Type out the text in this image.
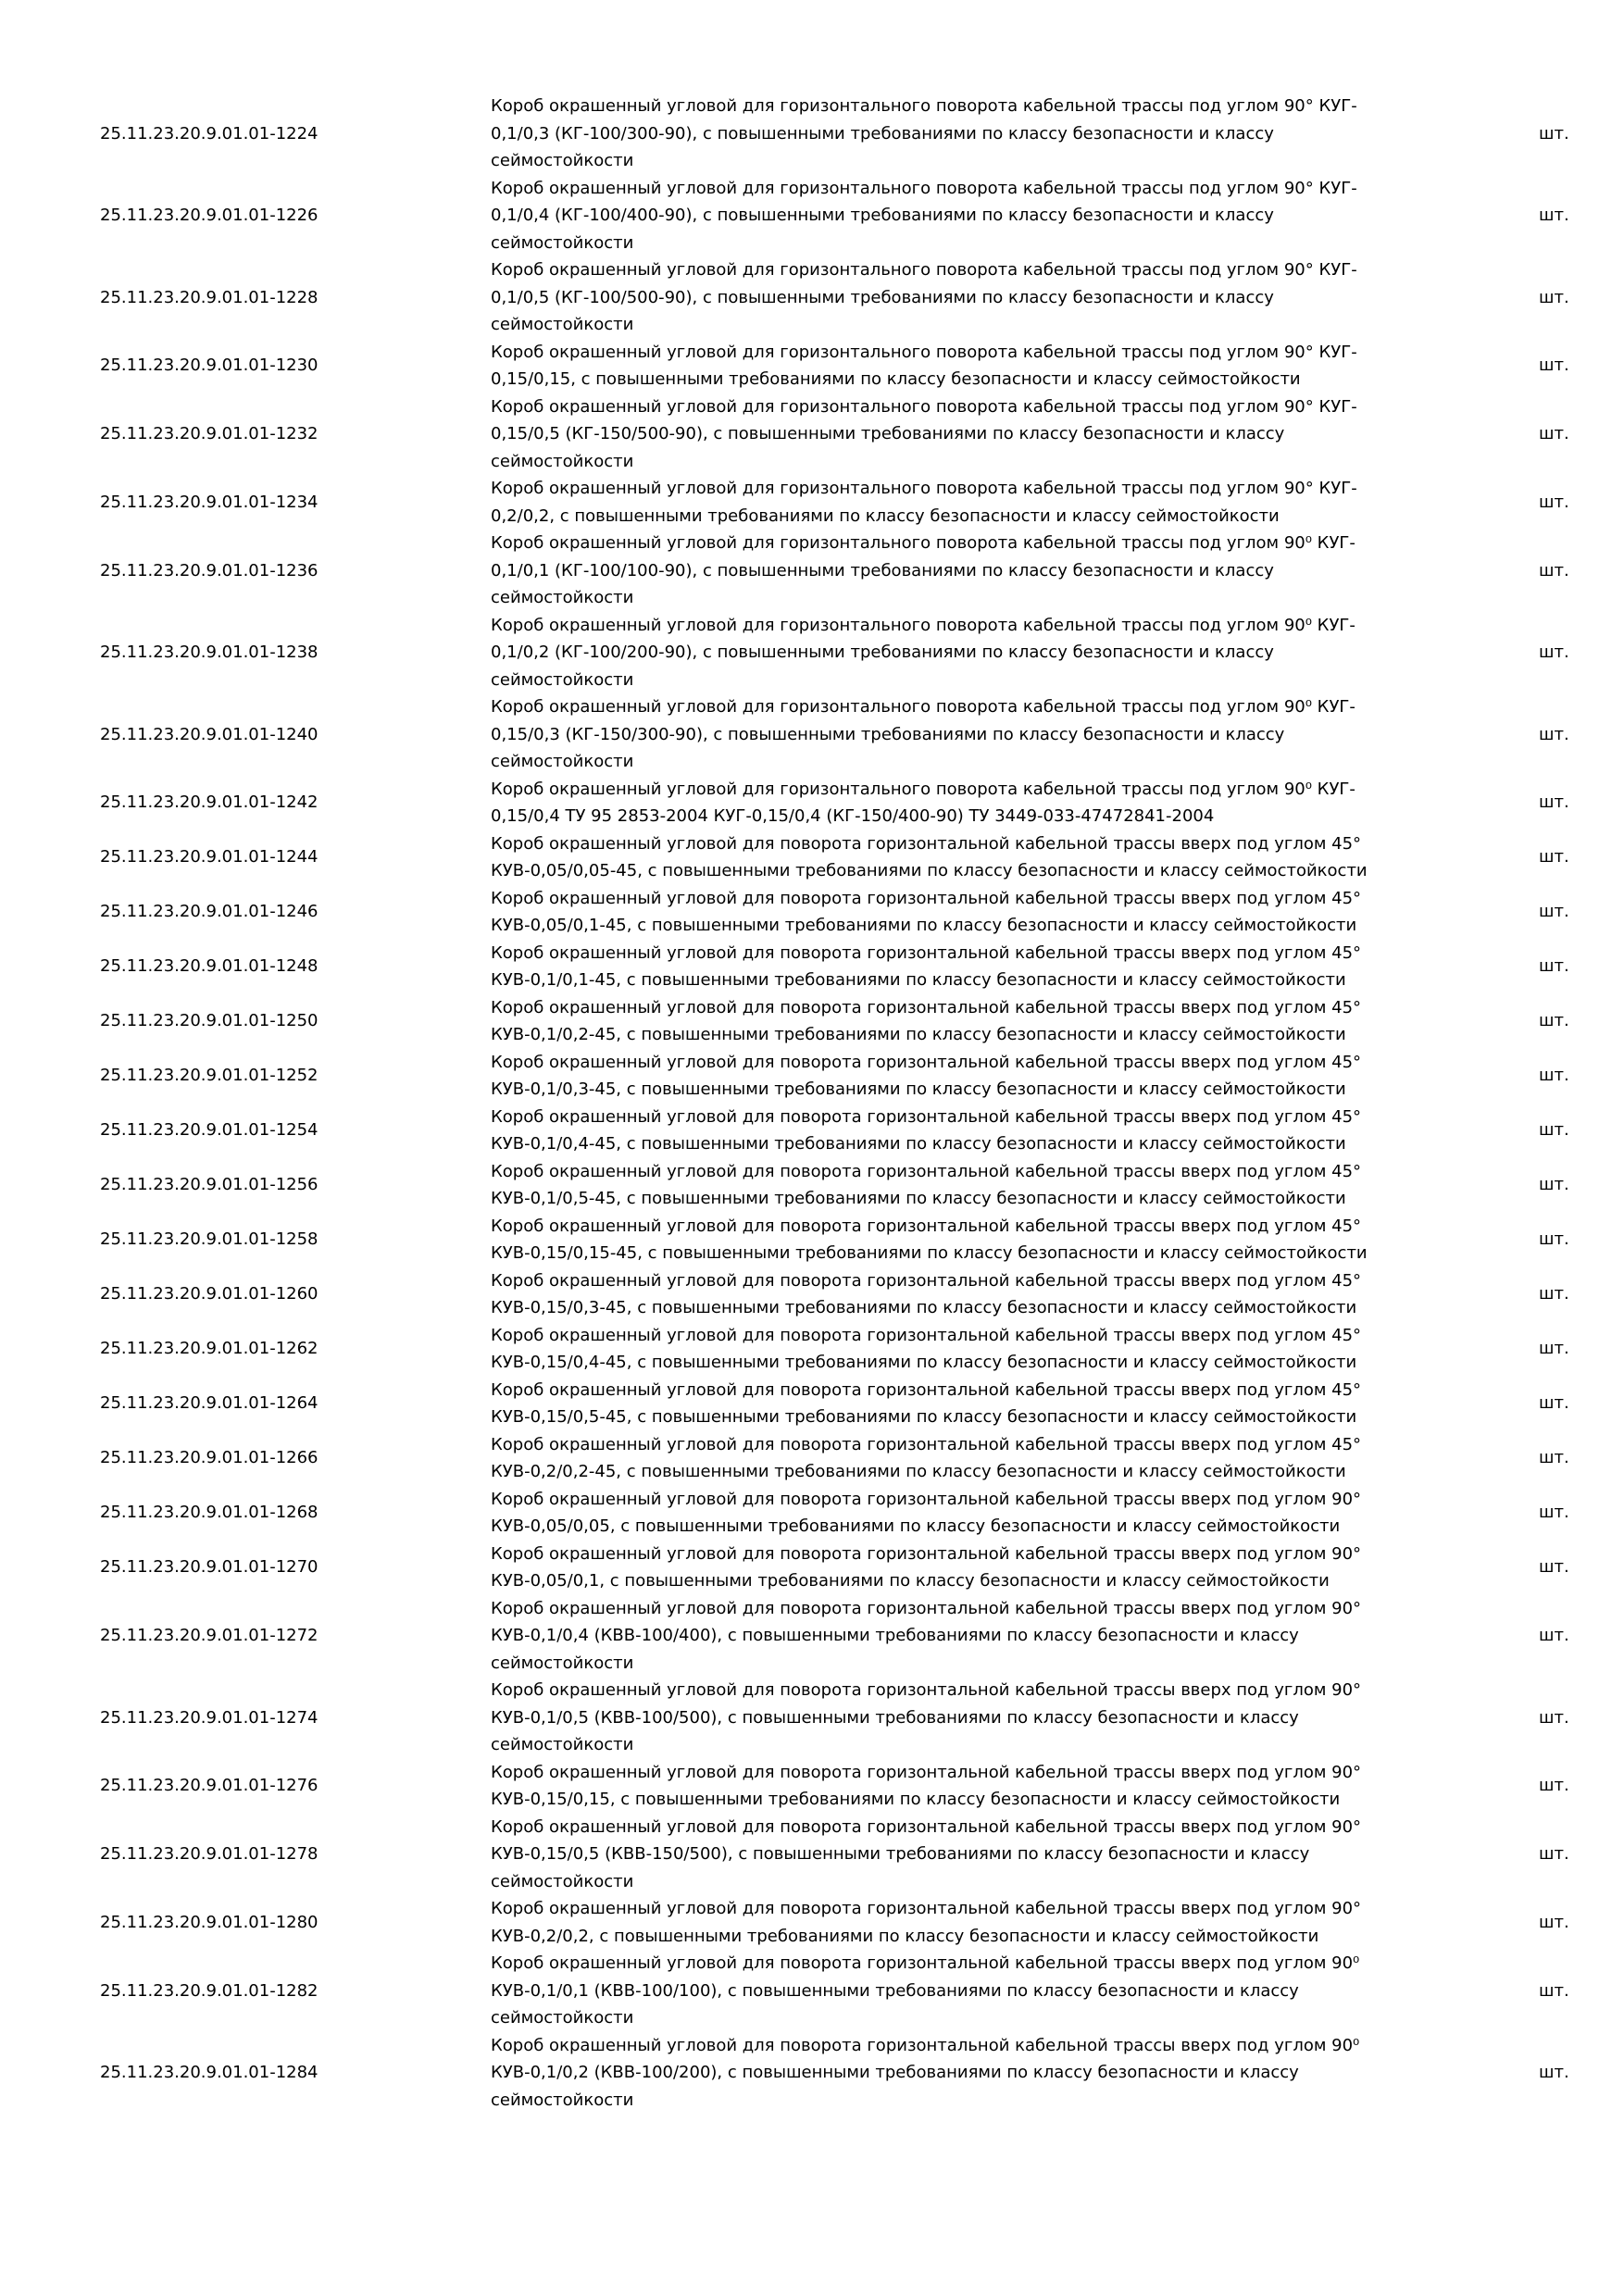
25.11.23.20.9.01.01-1224
Короб окрашенный угловой для горизонтального поворота кабельной трассы под углом 90° КУГ-
0,1/0,3 (КГ-100/300-90), с повышенными требованиями по классу безопасности и классу
сеймостойкости
шт.
25.11.23.20.9.01.01-1226
Короб окрашенный угловой для горизонтального поворота кабельной трассы под углом 90° КУГ-
0,1/0,4 (КГ-100/400-90), с повышенными требованиями по классу безопасности и классу
сеймостойкости
шт.
25.11.23.20.9.01.01-1228
Короб окрашенный угловой для горизонтального поворота кабельной трассы под углом 90° КУГ-
0,1/0,5 (КГ-100/500-90), с повышенными требованиями по классу безопасности и классу
сеймостойкости
шт.
25.11.23.20.9.01.01-1230
Короб окрашенный угловой для горизонтального поворота кабельной трассы под углом 90° КУГ-
0,15/0,15, с повышенными требованиями по классу безопасности и классу сеймостойкости
шт.
25.11.23.20.9.01.01-1232
Короб окрашенный угловой для горизонтального поворота кабельной трассы под углом 90° КУГ-
0,15/0,5 (КГ-150/500-90), с повышенными требованиями по классу безопасности и классу
сеймостойкости
шт.
25.11.23.20.9.01.01-1234
Короб окрашенный угловой для горизонтального поворота кабельной трассы под углом 90° КУГ-
0,2/0,2, с повышенными требованиями по классу безопасности и классу сеймостойкости
шт.
25.11.23.20.9.01.01-1236
Короб окрашенный угловой для горизонтального поворота кабельной трассы под углом 90⁰ КУГ-
0,1/0,1 (КГ-100/100-90), с повышенными требованиями по классу безопасности и классу
сеймостойкости
шт.
25.11.23.20.9.01.01-1238
Короб окрашенный угловой для горизонтального поворота кабельной трассы под углом 90⁰ КУГ-
0,1/0,2 (КГ-100/200-90), с повышенными требованиями по классу безопасности и классу
сеймостойкости
шт.
25.11.23.20.9.01.01-1240
Короб окрашенный угловой для горизонтального поворота кабельной трассы под углом 90⁰ КУГ-
0,15/0,3 (КГ-150/300-90), с повышенными требованиями по классу безопасности и классу
сеймостойкости
шт.
25.11.23.20.9.01.01-1242
Короб окрашенный угловой для горизонтального поворота кабельной трассы под углом 90⁰ КУГ-
0,15/0,4 ТУ 95 2853-2004 КУГ-0,15/0,4 (КГ-150/400-90) ТУ 3449-033-47472841-2004
шт.
25.11.23.20.9.01.01-1244
Короб окрашенный угловой для поворота горизонтальной кабельной трассы вверх под углом 45°
КУВ-0,05/0,05-45, с повышенными требованиями по классу безопасности и классу сеймостойкости
шт.
25.11.23.20.9.01.01-1246
Короб окрашенный угловой для поворота горизонтальной кабельной трассы вверх под углом 45°
КУВ-0,05/0,1-45, с повышенными требованиями по классу безопасности и классу сеймостойкости
шт.
25.11.23.20.9.01.01-1248
Короб окрашенный угловой для поворота горизонтальной кабельной трассы вверх под углом 45°
КУВ-0,1/0,1-45, с повышенными требованиями по классу безопасности и классу сеймостойкости
шт.
25.11.23.20.9.01.01-1250
Короб окрашенный угловой для поворота горизонтальной кабельной трассы вверх под углом 45°
КУВ-0,1/0,2-45, с повышенными требованиями по классу безопасности и классу сеймостойкости
шт.
25.11.23.20.9.01.01-1252
Короб окрашенный угловой для поворота горизонтальной кабельной трассы вверх под углом 45°
КУВ-0,1/0,3-45, с повышенными требованиями по классу безопасности и классу сеймостойкости
шт.
25.11.23.20.9.01.01-1254
Короб окрашенный угловой для поворота горизонтальной кабельной трассы вверх под углом 45°
КУВ-0,1/0,4-45, с повышенными требованиями по классу безопасности и классу сеймостойкости
шт.
25.11.23.20.9.01.01-1256
Короб окрашенный угловой для поворота горизонтальной кабельной трассы вверх под углом 45°
КУВ-0,1/0,5-45, с повышенными требованиями по классу безопасности и классу сеймостойкости
шт.
25.11.23.20.9.01.01-1258
Короб окрашенный угловой для поворота горизонтальной кабельной трассы вверх под углом 45°
КУВ-0,15/0,15-45, с повышенными требованиями по классу безопасности и классу сеймостойкости
шт.
25.11.23.20.9.01.01-1260
Короб окрашенный угловой для поворота горизонтальной кабельной трассы вверх под углом 45°
КУВ-0,15/0,3-45, с повышенными требованиями по классу безопасности и классу сеймостойкости
шт.
25.11.23.20.9.01.01-1262
Короб окрашенный угловой для поворота горизонтальной кабельной трассы вверх под углом 45°
КУВ-0,15/0,4-45, с повышенными требованиями по классу безопасности и классу сеймостойкости
шт.
25.11.23.20.9.01.01-1264
Короб окрашенный угловой для поворота горизонтальной кабельной трассы вверх под углом 45°
КУВ-0,15/0,5-45, с повышенными требованиями по классу безопасности и классу сеймостойкости
шт.
25.11.23.20.9.01.01-1266
Короб окрашенный угловой для поворота горизонтальной кабельной трассы вверх под углом 45°
КУВ-0,2/0,2-45, с повышенными требованиями по классу безопасности и классу сеймостойкости
шт.
25.11.23.20.9.01.01-1268
Короб окрашенный угловой для поворота горизонтальной кабельной трассы вверх под углом 90°
КУВ-0,05/0,05, с повышенными требованиями по классу безопасности и классу сеймостойкости
шт.
25.11.23.20.9.01.01-1270
Короб окрашенный угловой для поворота горизонтальной кабельной трассы вверх под углом 90°
КУВ-0,05/0,1, с повышенными требованиями по классу безопасности и классу сеймостойкости
шт.
25.11.23.20.9.01.01-1272
Короб окрашенный угловой для поворота горизонтальной кабельной трассы вверх под углом 90°
КУВ-0,1/0,4 (КВВ-100/400), с повышенными требованиями по классу безопасности и классу
сеймостойкости
шт.
25.11.23.20.9.01.01-1274
Короб окрашенный угловой для поворота горизонтальной кабельной трассы вверх под углом 90°
КУВ-0,1/0,5 (КВВ-100/500), с повышенными требованиями по классу безопасности и классу
сеймостойкости
шт.
25.11.23.20.9.01.01-1276
Короб окрашенный угловой для поворота горизонтальной кабельной трассы вверх под углом 90°
КУВ-0,15/0,15, с повышенными требованиями по классу безопасности и классу сеймостойкости
шт.
25.11.23.20.9.01.01-1278
Короб окрашенный угловой для поворота горизонтальной кабельной трассы вверх под углом 90°
КУВ-0,15/0,5 (КВВ-150/500), с повышенными требованиями по классу безопасности и классу
сеймостойкости
шт.
25.11.23.20.9.01.01-1280
Короб окрашенный угловой для поворота горизонтальной кабельной трассы вверх под углом 90°
КУВ-0,2/0,2, с повышенными требованиями по классу безопасности и классу сеймостойкости
шт.
25.11.23.20.9.01.01-1282
Короб окрашенный угловой для поворота горизонтальной кабельной трассы вверх под углом 90⁰
КУВ-0,1/0,1 (КВВ-100/100), с повышенными требованиями по классу безопасности и классу
сеймостойкости
шт.
25.11.23.20.9.01.01-1284
Короб окрашенный угловой для поворота горизонтальной кабельной трассы вверх под углом 90⁰
КУВ-0,1/0,2 (КВВ-100/200), с повышенными требованиями по классу безопасности и классу
сеймостойкости
шт.
